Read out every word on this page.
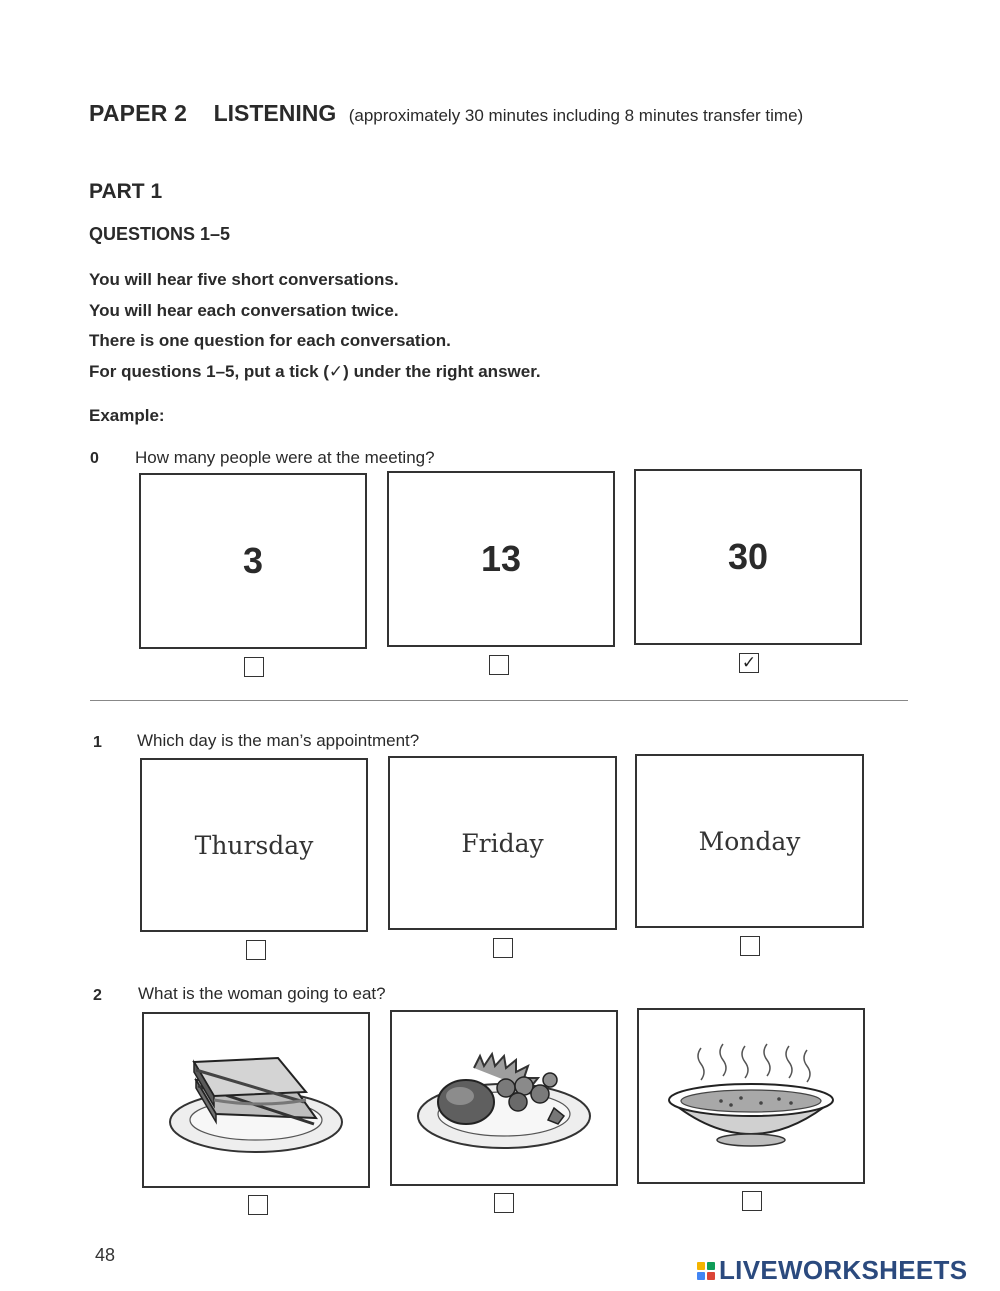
PAPER 2 LISTENING (approximately 30 minutes including 8 minutes transfer time)
PART 1
QUESTIONS 1–5
You will hear five short conversations.
You will hear each conversation twice.
There is one question for each conversation.
For questions 1–5, put a tick (✓) under the right answer.
Example:
0 How many people were at the meeting?
3	13	30
✓
1 Which day is the man’s appointment?
Thursday	Friday	Monday
2 What is the woman going to eat?
48	LIVEWORKSHEETS
